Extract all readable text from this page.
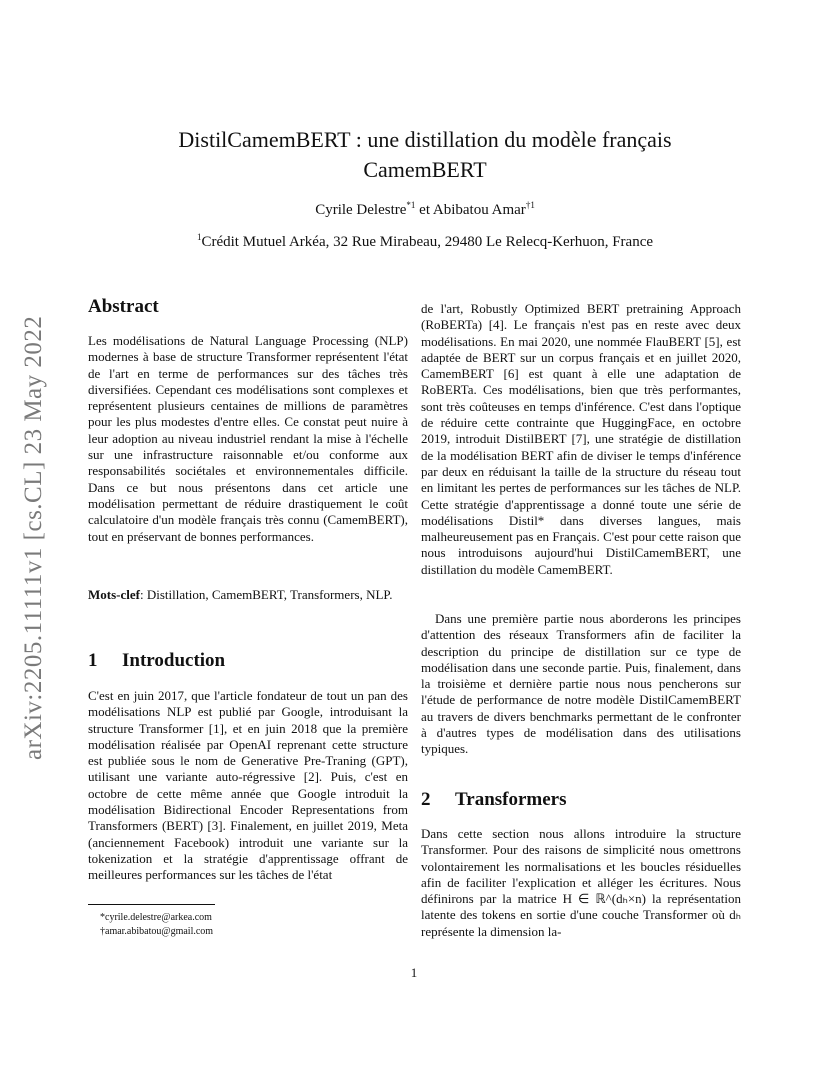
arXiv:2205.11111v1 [cs.CL] 23 May 2022
DistilCamemBERT : une distillation du modèle français
CamemBERT
Cyrile Delestre$^{*1}$ et Abibatou Amar$^{\dagger 1}$
$^1$Crédit Mutuel Arkéa, 32 Rue Mirabeau, 29480 Le Relecq-Kerhuon, France
Abstract

Les modélisations de Natural Language Processing (NLP) modernes à base de structure Transformer représentent l'état de l'art en terme de performances sur des tâches très diversifiées. Cependant ces modélisations sont complexes et représentent plusieurs centaines de millions de paramètres pour les plus modestes d'entre elles. Ce constat peut nuire à leur adoption au niveau industriel rendant la mise à l'échelle sur une infrastructure raisonnable et/ou conforme aux responsabilités sociétales et environnementales difficile. Dans ce but nous présentons dans cet article une modélisation permettant de réduire drastiquement le coût calculatoire d'un modèle français très connu (CamemBERT), tout en préservant de bonnes performances.

Mots-clef: Distillation, CamemBERT, Transformers, NLP.
1 Introduction

C'est en juin 2017, que l'article fondateur de tout un pan des modélisations NLP est publié par Google, introduisant la structure Transformer [1], et en juin 2018 que la première modélisation réalisée par OpenAI reprenant cette structure est publiée sous le nom de Generative Pre-Traning (GPT), utilisant une variante auto-régressive [2]. Puis, c'est en octobre de cette même année que Google introduit la modélisation Bidirectional Encoder Representations from Transformers (BERT) [3]. Finalement, en juillet 2019, Meta (anciennement Facebook) introduit une variante sur la tokenization et la stratégie d'apprentissage offrant de meilleures performances sur les tâches de l'état

de l'art, Robustly Optimized BERT pretraining Approach (RoBERTa) [4]. Le français n'est pas en reste avec deux modélisations. En mai 2020, une nommée FlauBERT [5], est adaptée de BERT sur un corpus français et en juillet 2020, CamemBERT [6] est quant à elle une adaptation de RoBERTa. Ces modélisations, bien que très performantes, sont très coûteuses en temps d'inférence. C'est dans l'optique de réduire cette contrainte que HuggingFace, en octobre 2019, introduit DistilBERT [7], une stratégie de distillation de la modélisation BERT afin de diviser le temps d'inférence par deux en réduisant la taille de la structure du réseau tout en limitant les pertes de performances sur les tâches de NLP. Cette stratégie d'apprentissage a donné toute une série de modélisations Distil* dans diverses langues, mais malheureusement pas en Français. C'est pour cette raison que nous introduisons aujourd'hui DistilCamemBERT, une distillation du modèle CamemBERT.

Dans une première partie nous aborderons les principes d'attention des réseaux Transformers afin de faciliter la description du principe de distillation sur ce type de modélisation dans une seconde partie. Puis, finalement, dans la troisième et dernière partie nous nous pencherons sur l'étude de performance de notre modèle DistilCamemBERT au travers de divers benchmarks permettant de le confronter à d'autres types de modélisation dans des utilisations typiques.

2 Transformers

Dans cette section nous allons introduire la structure Transformer. Pour des raisons de simplicité nous omettrons volontairement les normalisations et les boucles résiduelles afin de faciliter l'explication et alléger les écritures. Nous définirons par la matrice H ∈ ℝ^(dₕ×n) la représentation latente des tokens en sortie d'une couche Transformer où dₕ représente la dimension la-

*cyrile.delestre@arkea.com
†amar.abibatou@gmail.com
1
